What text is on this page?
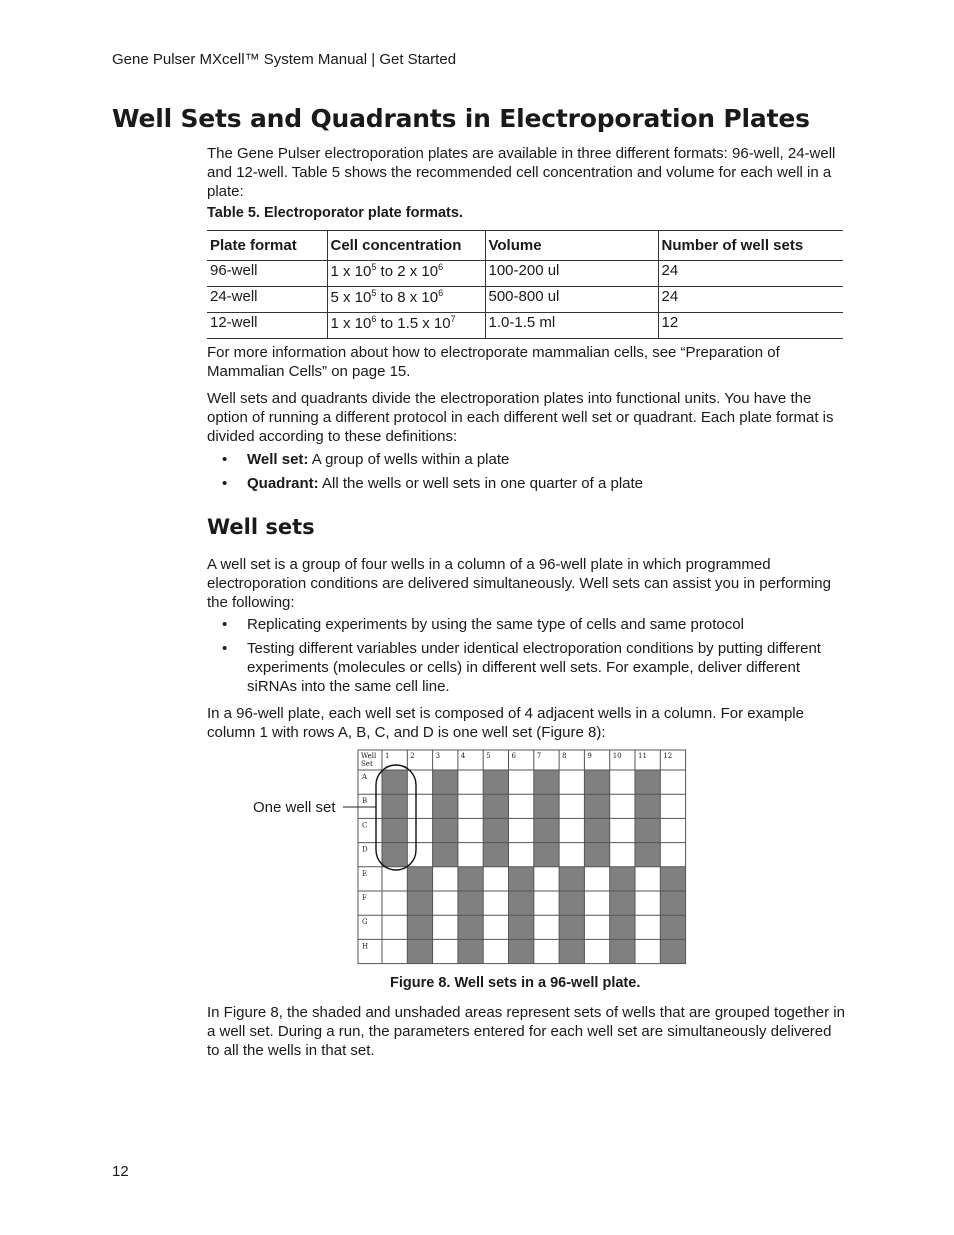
Gene Pulser MXcell™ System Manual | Get Started
Well Sets and Quadrants in Electroporation Plates

The Gene Pulser electroporation plates are available in three different formats: 96-well, 24-well and 12-well. Table 5 shows the recommended cell concentration and volume for each well in a plate:

Table 5. Electroporator plate formats.
Plate format	Cell concentration	Volume	Number of well sets
96-well	1 x $10^5$ to 2 x $10^6$	100-200 ul	24
24-well	5 x $10^5$ to 8 x $10^6$	500-800 ul	24
12-well	1 x $10^6$ to 1.5 x $10^7$	1.0-1.5 ml	12

For more information about how to electroporate mammalian cells, see “Preparation of Mammalian Cells” on page 15.

Well sets and quadrants divide the electroporation plates into functional units. You have the option of running a different protocol in each different well set or quadrant. Each plate format is divided according to these definitions:

• Well set: A group of wells within a plate
• Quadrant: All the wells or well sets in one quarter of a plate
Well sets

A well set is a group of four wells in a column of a 96-well plate in which programmed electroporation conditions are delivered simultaneously. Well sets can assist you in performing the following:

• Replicating experiments by using the same type of cells and same protocol
• Testing different variables under identical electroporation conditions by putting different experiments (molecules or cells) in different well sets. For example, deliver different siRNAs into the same cell line.

In a 96-well plate, each well set is composed of 4 adjacent wells in a column. For example column 1 with rows A, B, C, and D is one well set (Figure 8):

One well set
Well
Set
1	2	3	4	5	6	7	8	9	10 11 12
A
B
C
D
E
F
G
H
Figure 8. Well sets in a 96-well plate.

In Figure 8, the shaded and unshaded areas represent sets of wells that are grouped together in a well set. During a run, the parameters entered for each well set are simultaneously delivered to all the wells in that set.

12
